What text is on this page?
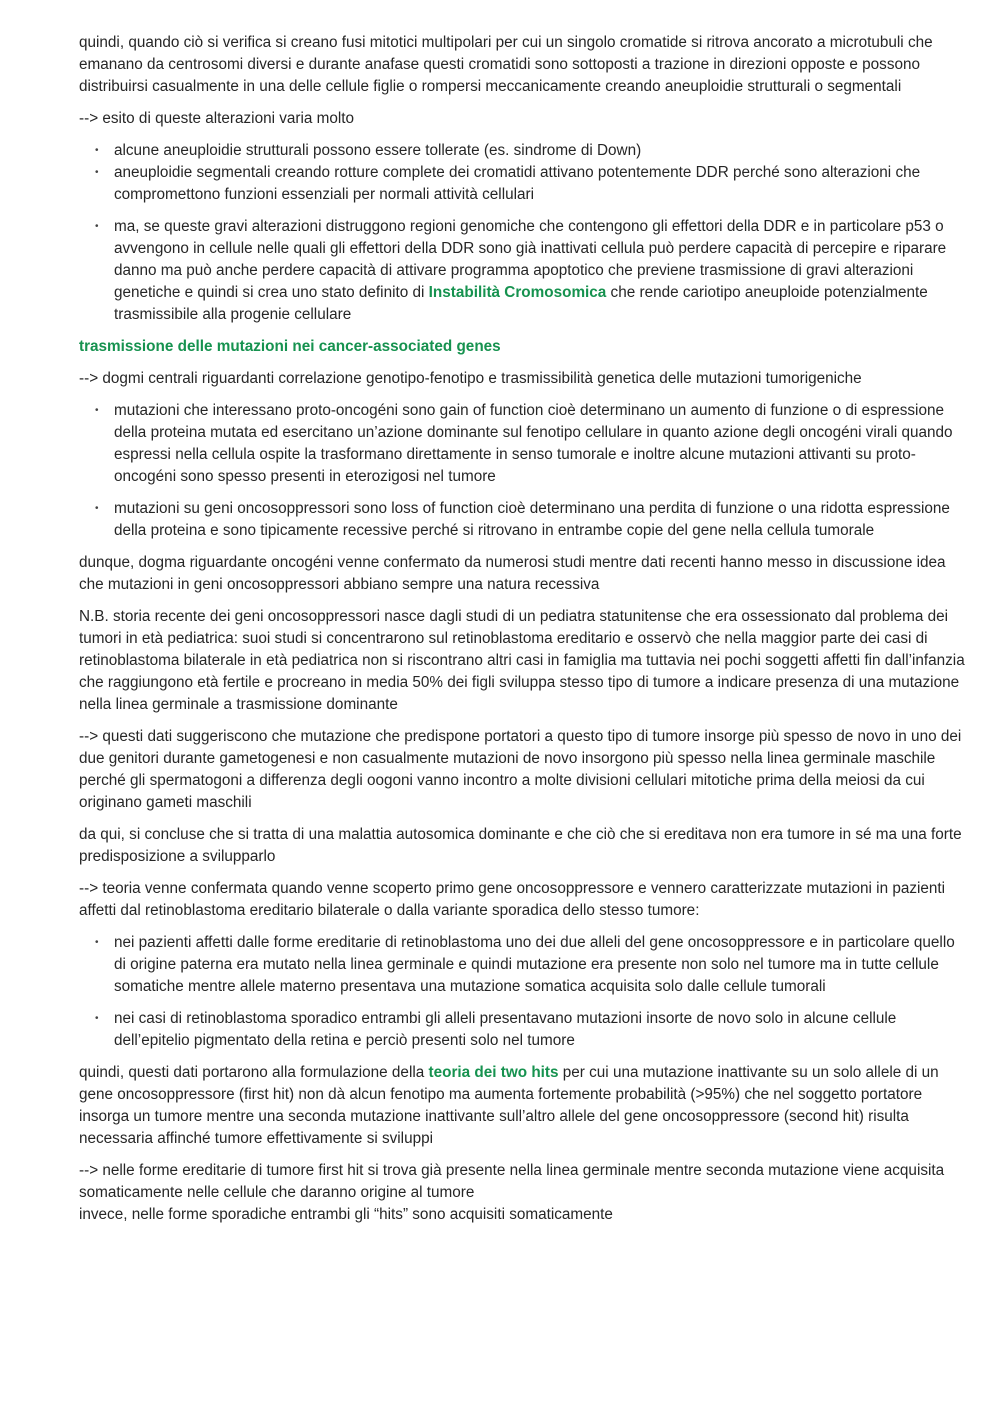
quindi, quando ciò si verifica si creano fusi mitotici multipolari per cui un singolo cromatide si ritrova ancorato a microtubuli che emanano da centrosomi diversi e durante anafase questi cromatidi sono sottoposti a trazione in direzioni opposte e possono distribuirsi casualmente in una delle cellule figlie o rompersi meccanicamente creando aneuploidie strutturali o segmentali

--> esito di queste alterazioni varia molto

• alcune aneuploidie strutturali possono essere tollerate (es. sindrome di Down)
• aneuploidie segmentali creando rotture complete dei cromatidi attivano potentemente DDR perché sono alterazioni che compromettono funzioni essenziali per normali attività cellulari
• ma, se queste gravi alterazioni distruggono regioni genomiche che contengono gli effettori della DDR e in particolare p53 o avvengono in cellule nelle quali gli effettori della DDR sono già inattivati cellula può perdere capacità di percepire e riparare danno ma può anche perdere capacità di attivare programma apoptotico che previene trasmissione di gravi alterazioni genetiche e quindi si crea uno stato definito di Instabilità Cromosomica che rende cariotipo aneuploide potenzialmente trasmissibile alla progenie cellulare

trasmissione delle mutazioni nei cancer-associated genes

--> dogmi centrali riguardanti correlazione genotipo-fenotipo e trasmissibilità genetica delle mutazioni tumorigeniche

• mutazioni che interessano proto-oncogéni sono gain of function cioè determinano un aumento di funzione o di espressione della proteina mutata ed esercitano un’azione dominante sul fenotipo cellulare in quanto azione degli oncogéni virali quando espressi nella cellula ospite la trasformano direttamente in senso tumorale e inoltre alcune mutazioni attivanti su proto-oncogéni sono spesso presenti in eterozigosi nel tumore
• mutazioni su geni oncosoppressori sono loss of function cioè determinano una perdita di funzione o una ridotta espressione della proteina e sono tipicamente recessive perché si ritrovano in entrambe copie del gene nella cellula tumorale

dunque, dogma riguardante oncogéni venne confermato da numerosi studi mentre dati recenti hanno messo in discussione idea che mutazioni in geni oncosoppressori abbiano sempre una natura recessiva

N.B. storia recente dei geni oncosoppressori nasce dagli studi di un pediatra statunitense che era ossessionato dal problema dei tumori in età pediatrica: suoi studi si concentrarono sul retinoblastoma ereditario e osservò che nella maggior parte dei casi di retinoblastoma bilaterale in età pediatrica non si riscontrano altri casi in famiglia ma tuttavia nei pochi soggetti affetti fin dall’infanzia che raggiungono età fertile e procreano in media 50% dei figli sviluppa stesso tipo di tumore a indicare presenza di una mutazione nella linea germinale a trasmissione dominante

--> questi dati suggeriscono che mutazione che predispone portatori a questo tipo di tumore insorge più spesso de novo in uno dei due genitori durante gametogenesi e non casualmente mutazioni de novo insorgono più spesso nella linea germinale maschile perché gli spermatogoni a differenza degli oogoni vanno incontro a molte divisioni cellulari mitotiche prima della meiosi da cui originano gameti maschili

da qui, si concluse che si tratta di una malattia autosomica dominante e che ciò che si ereditava non era tumore in sé ma una forte predisposizione a svilupparlo

--> teoria venne confermata quando venne scoperto primo gene oncosoppressore e vennero caratterizzate mutazioni in pazienti affetti dal retinoblastoma ereditario bilaterale o dalla variante sporadica dello stesso tumore:

• nei pazienti affetti dalle forme ereditarie di retinoblastoma uno dei due alleli del gene oncosoppressore e in particolare quello di origine paterna era mutato nella linea germinale e quindi mutazione era presente non solo nel tumore ma in tutte cellule somatiche mentre allele materno presentava una mutazione somatica acquisita solo dalle cellule tumorali
• nei casi di retinoblastoma sporadico entrambi gli alleli presentavano mutazioni insorte de novo solo in alcune cellule dell’epitelio pigmentato della retina e perciò presenti solo nel tumore

quindi, questi dati portarono alla formulazione della teoria dei two hits per cui una mutazione inattivante su un solo allele di un gene oncosoppressore (first hit) non dà alcun fenotipo ma aumenta fortemente probabilità (>95%) che nel soggetto portatore insorga un tumore mentre una seconda mutazione inattivante sull’altro allele del gene oncosoppressore (second hit) risulta necessaria affinché tumore effettivamente si sviluppi

--> nelle forme ereditarie di tumore first hit si trova già presente nella linea germinale mentre seconda mutazione viene acquisita somaticamente nelle cellule che daranno origine al tumore
invece, nelle forme sporadiche entrambi gli “hits” sono acquisiti somaticamente
